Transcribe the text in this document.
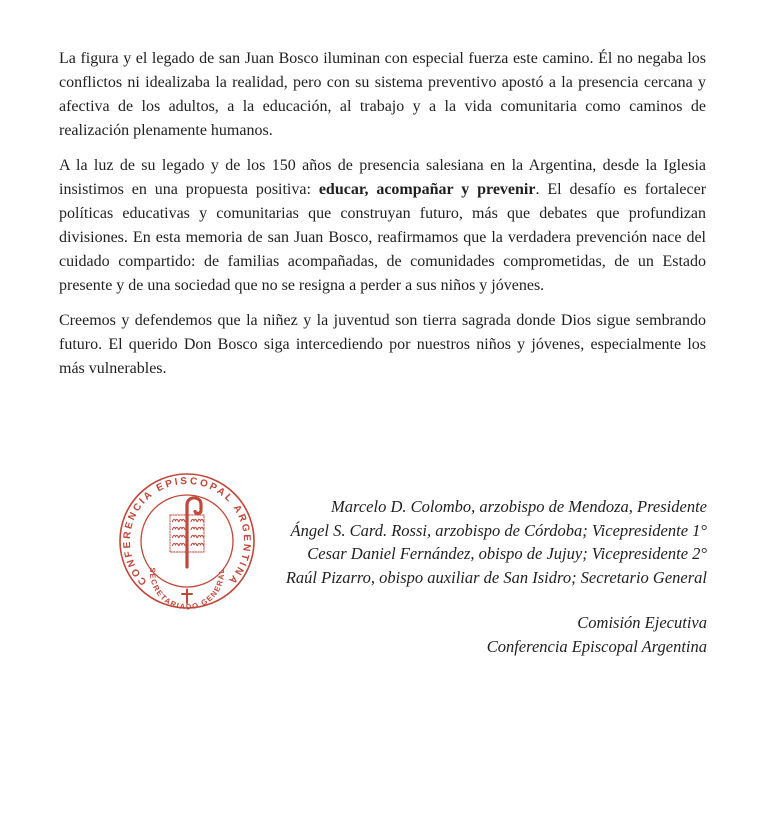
La figura y el legado de san Juan Bosco iluminan con especial fuerza este camino. Él no negaba los conflictos ni idealizaba la realidad, pero con su sistema preventivo apostó a la presencia cercana y afectiva de los adultos, a la educación, al trabajo y a la vida comunitaria como caminos de realización plenamente humanos.

A la luz de su legado y de los 150 años de presencia salesiana en la Argentina, desde la Iglesia insistimos en una propuesta positiva: educar, acompañar y prevenir. El desafío es fortalecer políticas educativas y comunitarias que construyan futuro, más que debates que profundizan divisiones. En esta memoria de san Juan Bosco, reafirmamos que la verdadera prevención nace del cuidado compartido: de familias acompañadas, de comunidades comprometidas, de un Estado presente y de una sociedad que no se resigna a perder a sus niños y jóvenes.

Creemos y defendemos que la niñez y la juventud son tierra sagrada donde Dios sigue sembrando futuro. El querido Don Bosco siga intercediendo por nuestros niños y jóvenes, especialmente los más vulnerables.

CONFERENCIA EPISCOPAL ARGENTINA
SECRETARIADO GENERAL
Marcelo D. Colombo, arzobispo de Mendoza, Presidente
Ángel S. Card. Rossi, arzobispo de Córdoba; Vicepresidente 1°
Cesar Daniel Fernández, obispo de Jujuy; Vicepresidente 2°
Raúl Pizarro, obispo auxiliar de San Isidro; Secretario General
Comisión Ejecutiva
Conferencia Episcopal Argentina
